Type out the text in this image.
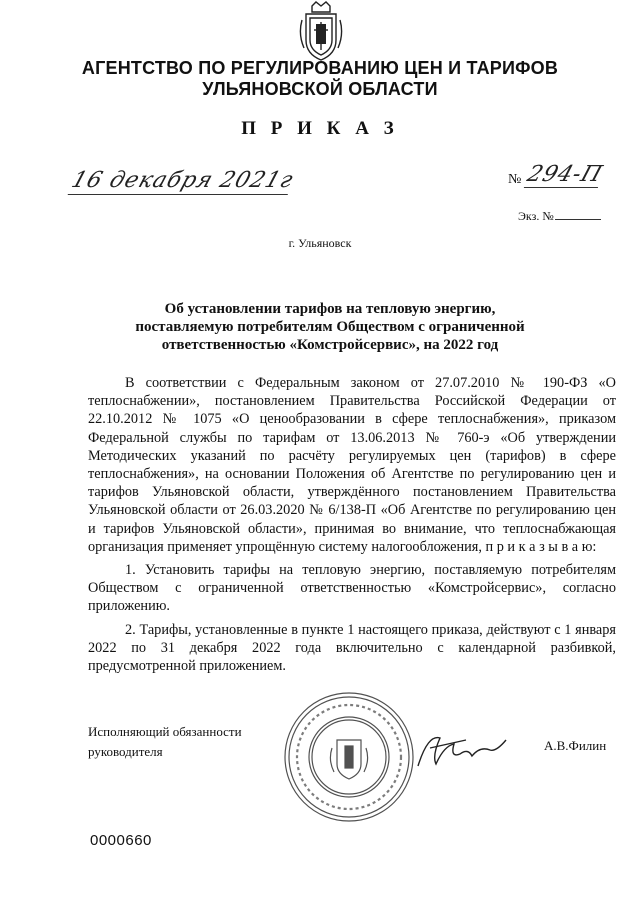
АГЕНТСТВО ПО РЕГУЛИРОВАНИЮ ЦЕН И ТАРИФОВ
УЛЬЯНОВСКОЙ ОБЛАСТИ
П Р И К А З
16 декабря 2021г	№ 294-П
Экз. №
г. Ульяновск
Об установлении тарифов на тепловую энергию,
поставляемую потребителям Обществом с ограниченной
ответственностью «Комстройсервис», на 2022 год

В соответствии с Федеральным законом от 27.07.2010 № 190-ФЗ «О теплоснабжении», постановлением Правительства Российской Федерации от 22.10.2012 № 1075 «О ценообразовании в сфере теплоснабжения», приказом Федеральной службы по тарифам от 13.06.2013 № 760-э «Об утверждении Методических указаний по расчёту регулируемых цен (тарифов) в сфере теплоснабжения», на основании Положения об Агентстве по регулированию цен и тарифов Ульяновской области, утверждённого постановлением Правительства Ульяновской области от 26.03.2020 № 6/138-П «Об Агентстве по регулированию цен и тарифов Ульяновской области», принимая во внимание, что теплоснабжающая организация применяет упрощённую систему налогообложения, п р и к а з ы в а ю:

1. Установить тарифы на тепловую энергию, поставляемую потребителям Обществом с ограниченной ответственностью «Комстройсервис», согласно приложению.

2. Тарифы, установленные в пункте 1 настоящего приказа, действуют с 1 января 2022 по 31 декабря 2022 года включительно с календарной разбивкой, предусмотренной приложением.

Исполняющий обязанности
руководителя	А.В.Филин
0000660
